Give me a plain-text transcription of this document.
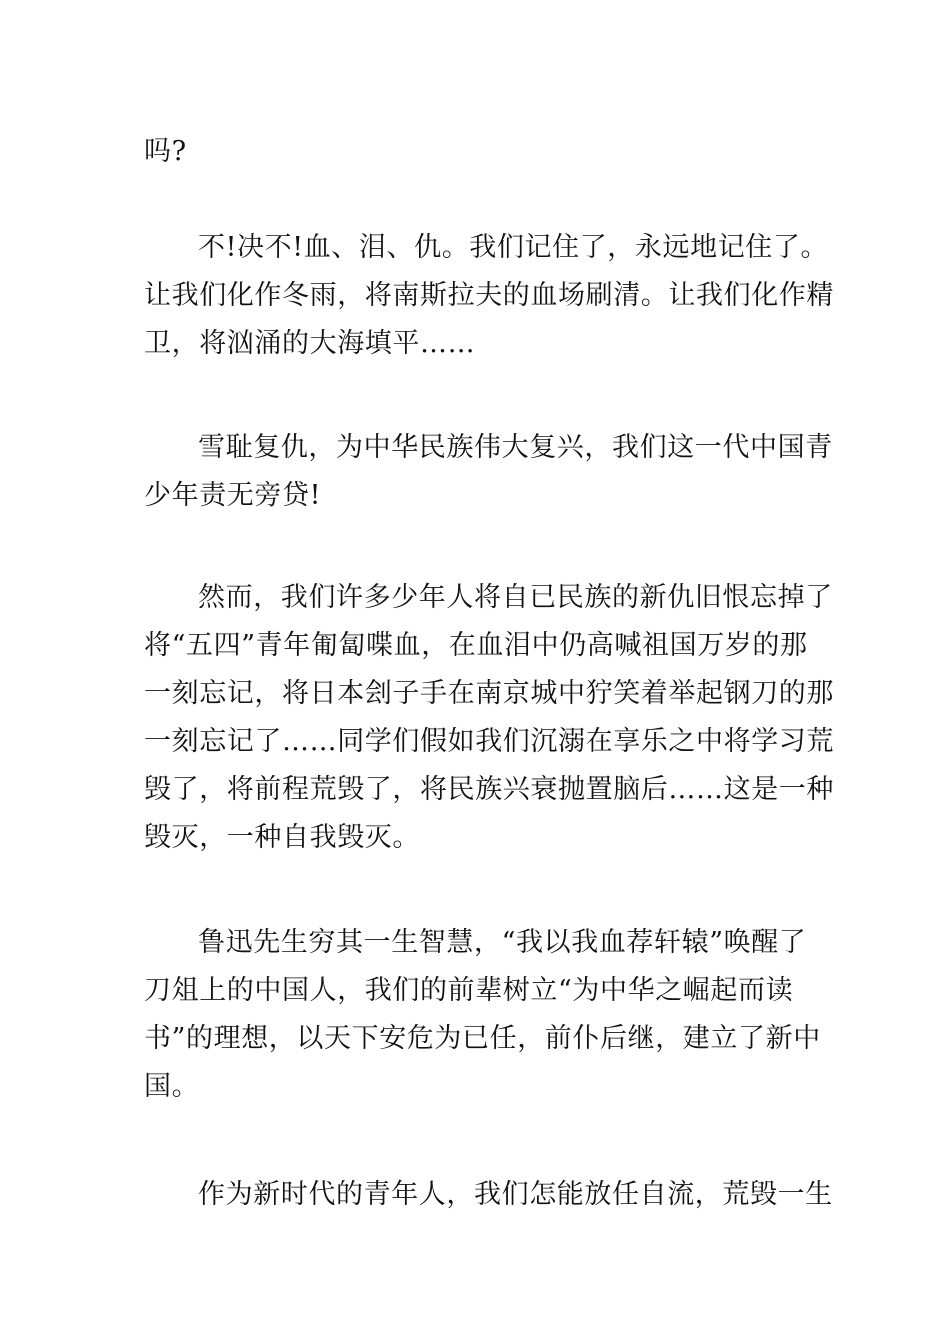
吗?
不!决不!血、泪、仇。我们记住了，永远地记住了。
让我们化作冬雨，将南斯拉夫的血场刷清。让我们化作精
卫，将汹涌的大海填平……
雪耻复仇，为中华民族伟大复兴，我们这一代中国青
少年责无旁贷!
然而，我们许多少年人将自已民族的新仇旧恨忘掉了
将“五四”青年匍匐喋血，在血泪中仍高喊祖国万岁的那
一刻忘记，将日本刽子手在南京城中狞笑着举起钢刀的那
一刻忘记了……同学们假如我们沉溺在享乐之中将学习荒
毁了，将前程荒毁了，将民族兴衰抛置脑后……这是一种
毁灭，一种自我毁灭。
鲁迅先生穷其一生智慧，“我以我血荐轩辕”唤醒了
刀俎上的中国人，我们的前辈树立“为中华之崛起而读
书”的理想，以天下安危为已任，前仆后继，建立了新中
国。
作为新时代的青年人，我们怎能放任自流，荒毁一生
